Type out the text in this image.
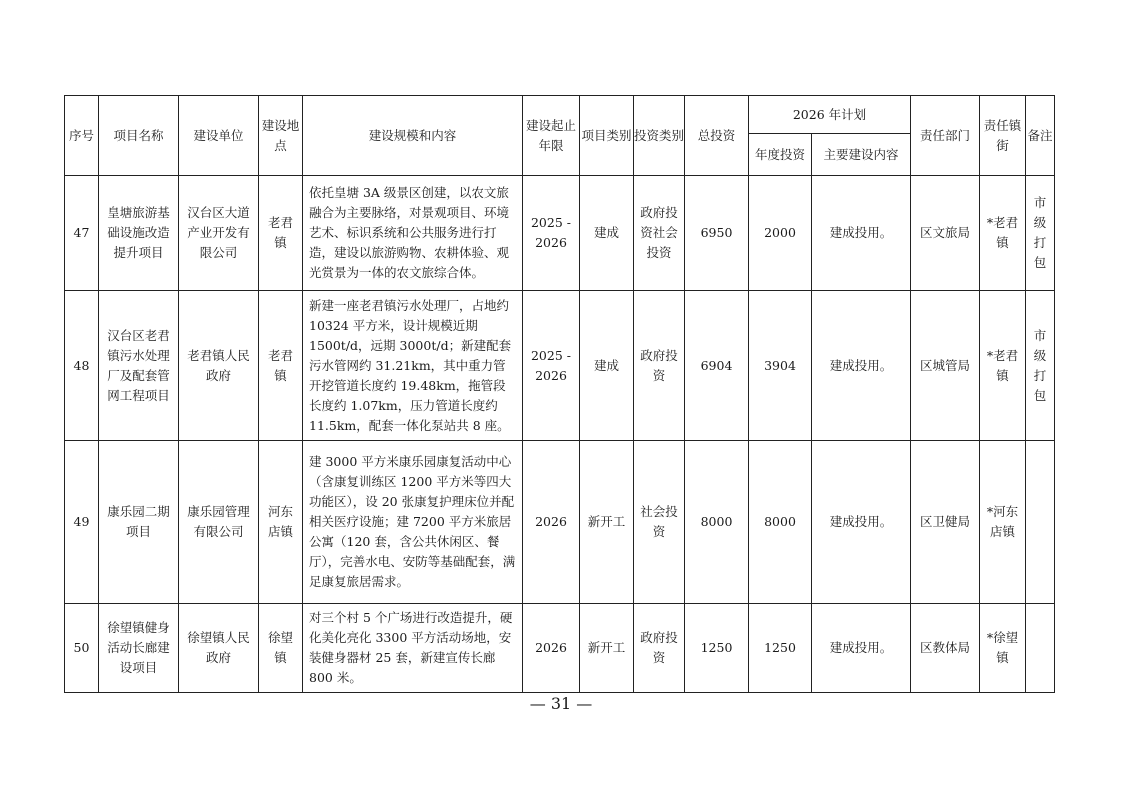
序号	项目名称	建设单位	建设地点	建设规模和内容	建设起止年限	项目类别	投资类别	总投资	2026 年计划		责任部门	责任镇街	备注
									年度投资	主要建设内容			
47	皇塘旅游基础设施改造提升项目	汉台区大道产业开发有限公司	老君镇	依托皇塘 3A 级景区创建，以农文旅融合为主要脉络，对景观项目、环境艺术、标识系统和公共服务进行打造，建设以旅游购物、农耕体验、观光赏景为一体的农文旅综合体。	2025 - 2026	建成	政府投资社会投资	6950	2000	建成投用。	区文旅局	*老君镇	市级打包
48	汉台区老君镇污水处理厂及配套管网工程项目	老君镇人民政府	老君镇	新建一座老君镇污水处理厂，占地约 10324 平方米，设计规模近期 1500t/d，远期 3000t/d；新建配套污水管网约 31.21km，其中重力管开挖管道长度约 19.48km，拖管段长度约 1.07km，压力管道长度约 11.5km，配套一体化泵站共 8 座。	2025 - 2026	建成	政府投资	6904	3904	建成投用。	区城管局	*老君镇	市级打包
49	康乐园二期项目	康乐园管理有限公司	河东店镇	建 3000 平方米康乐园康复活动中心（含康复训练区 1200 平方米等四大功能区），设 20 张康复护理床位并配相关医疗设施；建 7200 平方米旅居公寓（120 套，含公共休闲区、餐厅），完善水电、安防等基础配套，满足康复旅居需求。	2026	新开工	社会投资	8000	8000	建成投用。	区卫健局	*河东店镇	
50	徐望镇健身活动长廊建设项目	徐望镇人民政府	徐望镇	对三个村 5 个广场进行改造提升，硬化美化亮化 3300 平方活动场地，安装健身器材 25 套，新建宣传长廊 800 米。	2026	新开工	政府投资	1250	1250	建成投用。	区教体局	*徐望镇	
— 31 —
